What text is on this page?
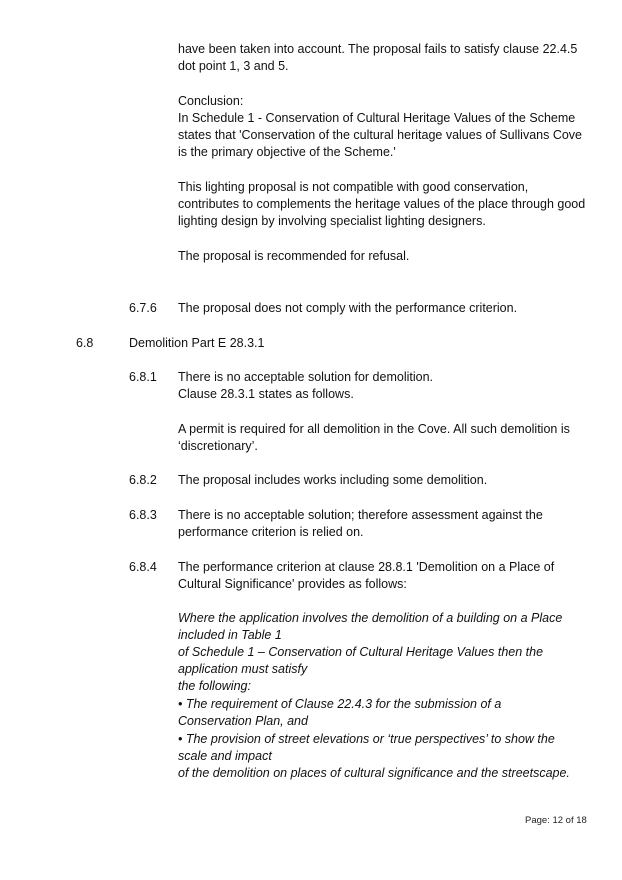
have been taken into account. The proposal fails to satisfy clause 22.4.5

dot point 1, 3 and 5.

Conclusion:

In Schedule 1 - Conservation of Cultural Heritage Values of the Scheme

states that 'Conservation of the cultural heritage values of Sullivans Cove

is the primary objective of the Scheme.'

This lighting proposal is not compatible with good conservation,

contributes to complements the heritage values of the place through good

lighting design by involving specialist lighting designers.

The proposal is recommended for refusal.

6.7.6 The proposal does not comply with the performance criterion.

6.8	Demolition Part E 28.3.1

6.8.1 There is no acceptable solution for demolition.

Clause 28.3.1 states as follows.

A permit is required for all demolition in the Cove. All such demolition is

‘discretionary’.

6.8.2 The proposal includes works including some demolition.

6.8.3 There is no acceptable solution; therefore assessment against the

performance criterion is relied on.

6.8.4 The performance criterion at clause 28.8.1 'Demolition on a Place of

Cultural Significance' provides as follows:

Where the application involves the demolition of a building on a Place

included in Table 1

of Schedule 1 – Conservation of Cultural Heritage Values then the

application must satisfy

the following:

• The requirement of Clause 22.4.3 for the submission of a

Conservation Plan, and

• The provision of street elevations or ‘true perspectives’ to show the

scale and impact

of the demolition on places of cultural significance and the streetscape.

Page: 12 of 18
